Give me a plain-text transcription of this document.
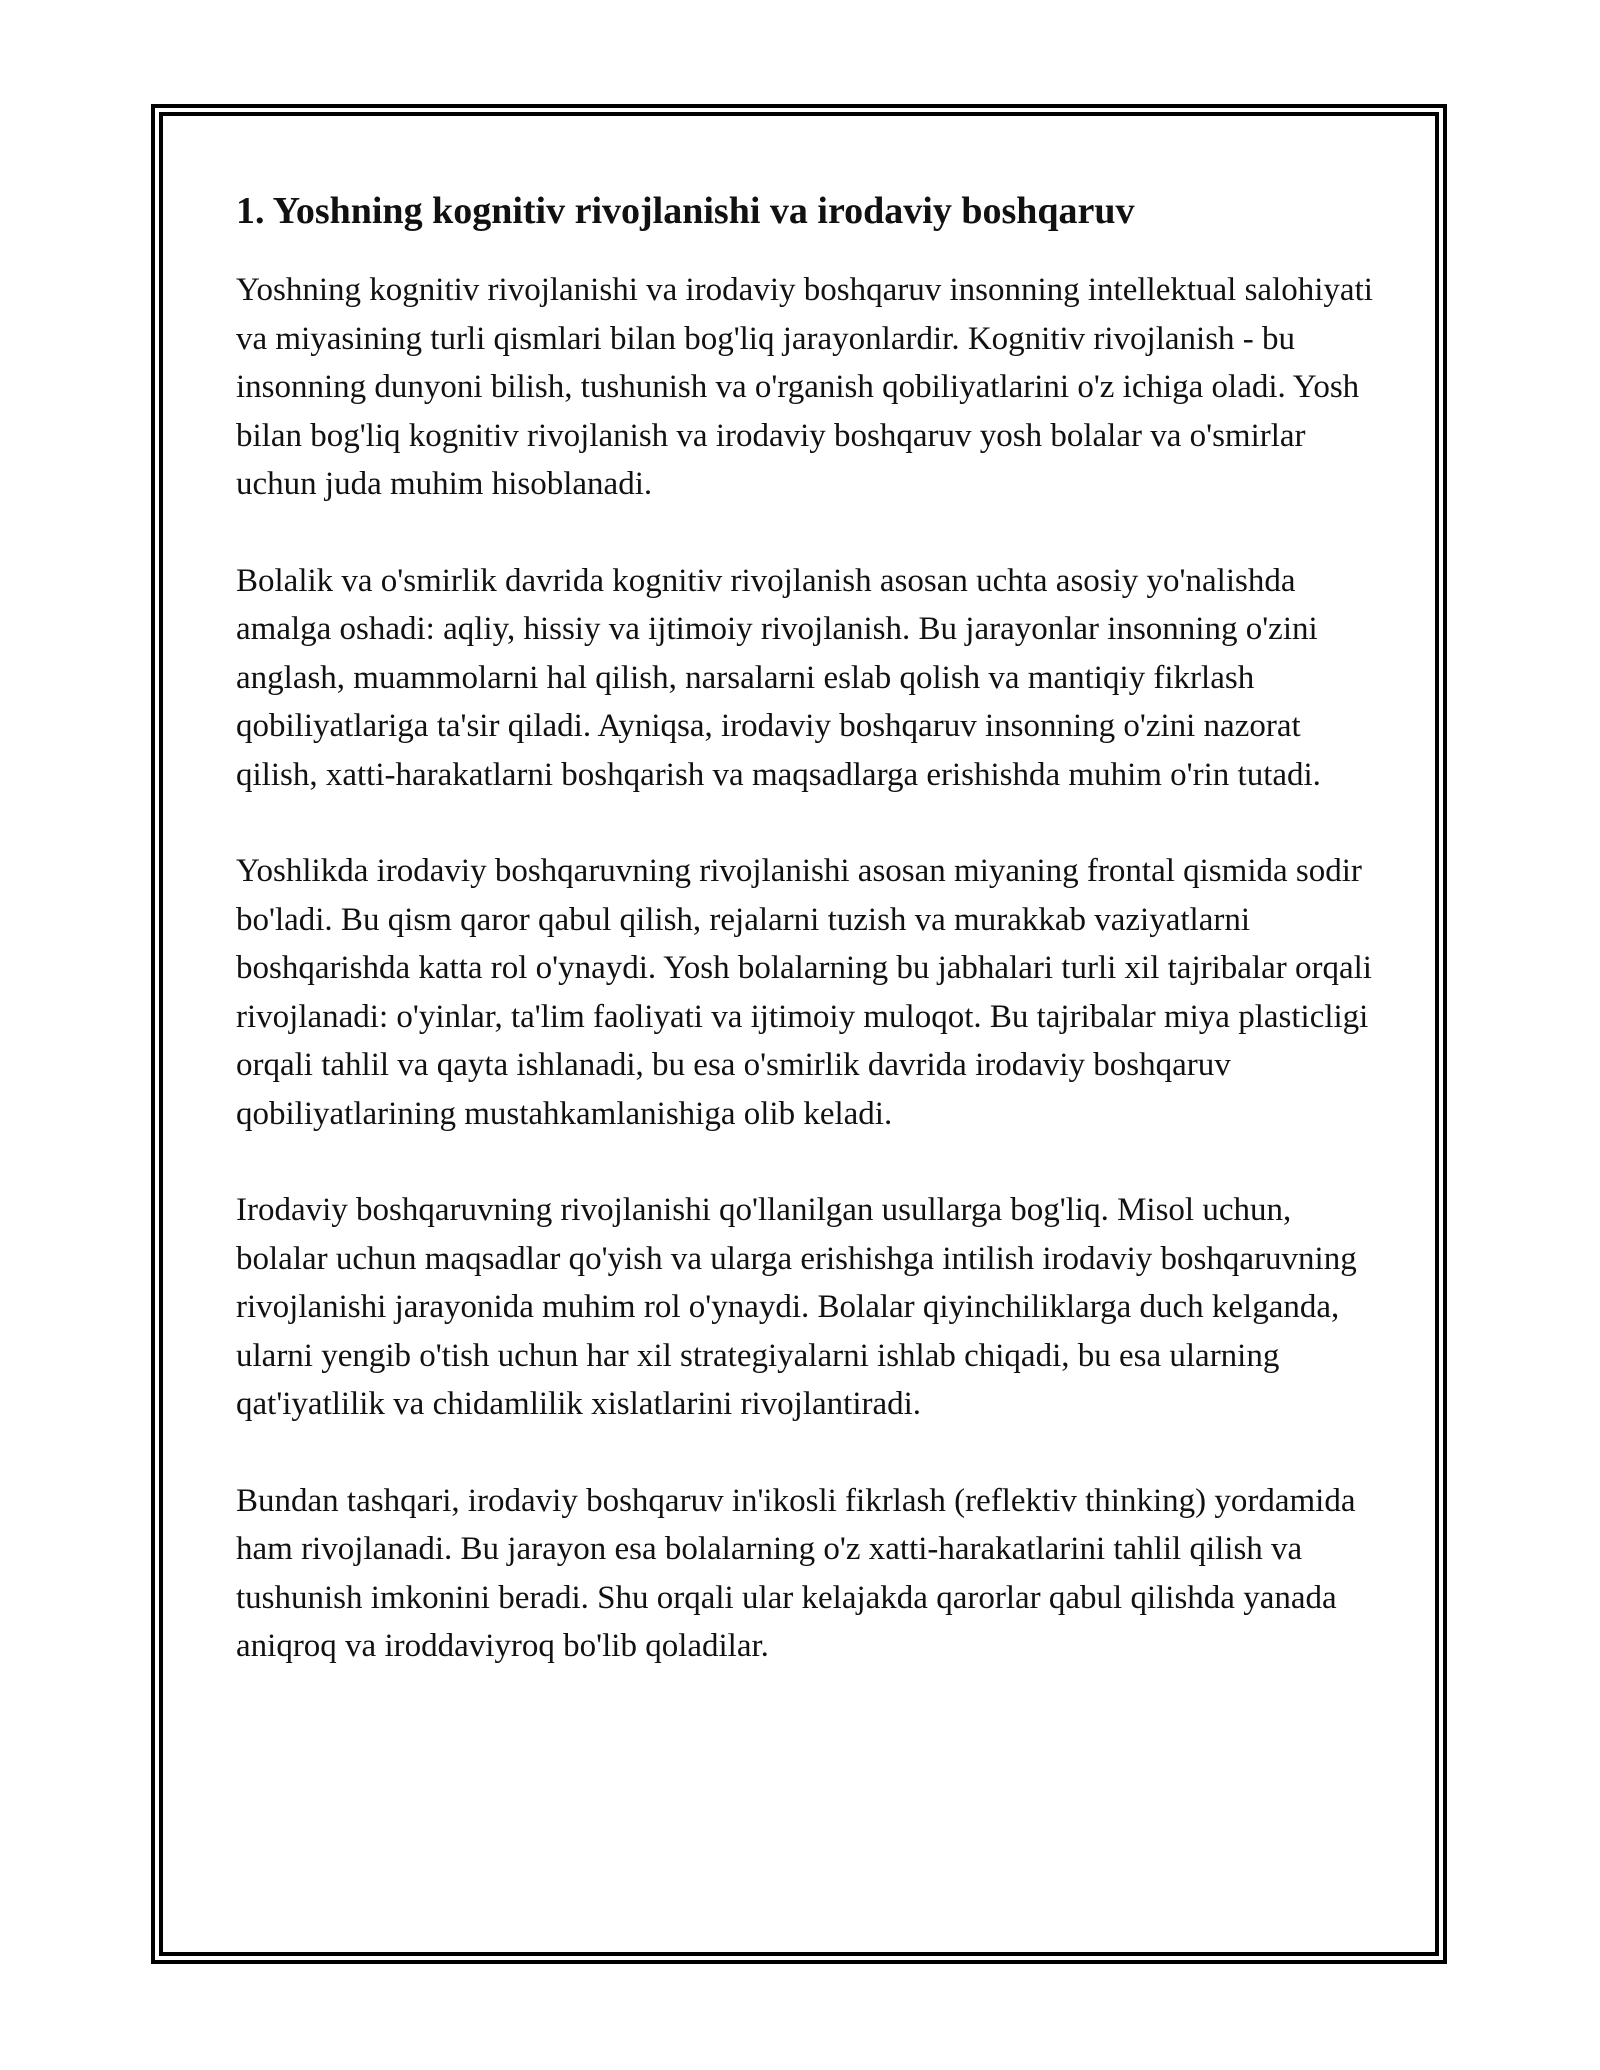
1. Yoshning kognitiv rivojlanishi va irodaviy boshqaruv

Yoshning kognitiv rivojlanishi va irodaviy boshqaruv insonning intellektual salohiyati va miyasining turli qismlari bilan bog'liq jarayonlardir. Kognitiv rivojlanish - bu insonning dunyoni bilish, tushunish va o'rganish qobiliyatlarini o'z ichiga oladi. Yosh bilan bog'liq kognitiv rivojlanish va irodaviy boshqaruv yosh bolalar va o'smirlar uchun juda muhim hisoblanadi.

Bolalik va o'smirlik davrida kognitiv rivojlanish asosan uchta asosiy yo'nalishda amalga oshadi: aqliy, hissiy va ijtimoiy rivojlanish. Bu jarayonlar insonning o'zini anglash, muammolarni hal qilish, narsalarni eslab qolish va mantiqiy fikrlash qobiliyatlariga ta'sir qiladi. Ayniqsa, irodaviy boshqaruv insonning o'zini nazorat qilish, xatti-harakatlarni boshqarish va maqsadlarga erishishda muhim o'rin tutadi.

Yoshlikda irodaviy boshqaruvning rivojlanishi asosan miyaning frontal qismida sodir bo'ladi. Bu qism qaror qabul qilish, rejalarni tuzish va murakkab vaziyatlarni boshqarishda katta rol o'ynaydi. Yosh bolalarning bu jabhalari turli xil tajribalar orqali rivojlanadi: o'yinlar, ta'lim faoliyati va ijtimoiy muloqot. Bu tajribalar miya plasticligi orqali tahlil va qayta ishlanadi, bu esa o'smirlik davrida irodaviy boshqaruv qobiliyatlarining mustahkamlanishiga olib keladi.

Irodaviy boshqaruvning rivojlanishi qo'llanilgan usullarga bog'liq. Misol uchun, bolalar uchun maqsadlar qo'yish va ularga erishishga intilish irodaviy boshqaruvning rivojlanishi jarayonida muhim rol o'ynaydi. Bolalar qiyinchiliklarga duch kelganda, ularni yengib o'tish uchun har xil strategiyalarni ishlab chiqadi, bu esa ularning qat'iyatlilik va chidamlilik xislatlarini rivojlantiradi.

Bundan tashqari, irodaviy boshqaruv in'ikosli fikrlash (reflektiv thinking) yordamida ham rivojlanadi. Bu jarayon esa bolalarning o'z xatti-harakatlarini tahlil qilish va tushunish imkonini beradi. Shu orqali ular kelajakda qarorlar qabul qilishda yanada aniqroq va iroddaviyroq bo'lib qoladilar.
